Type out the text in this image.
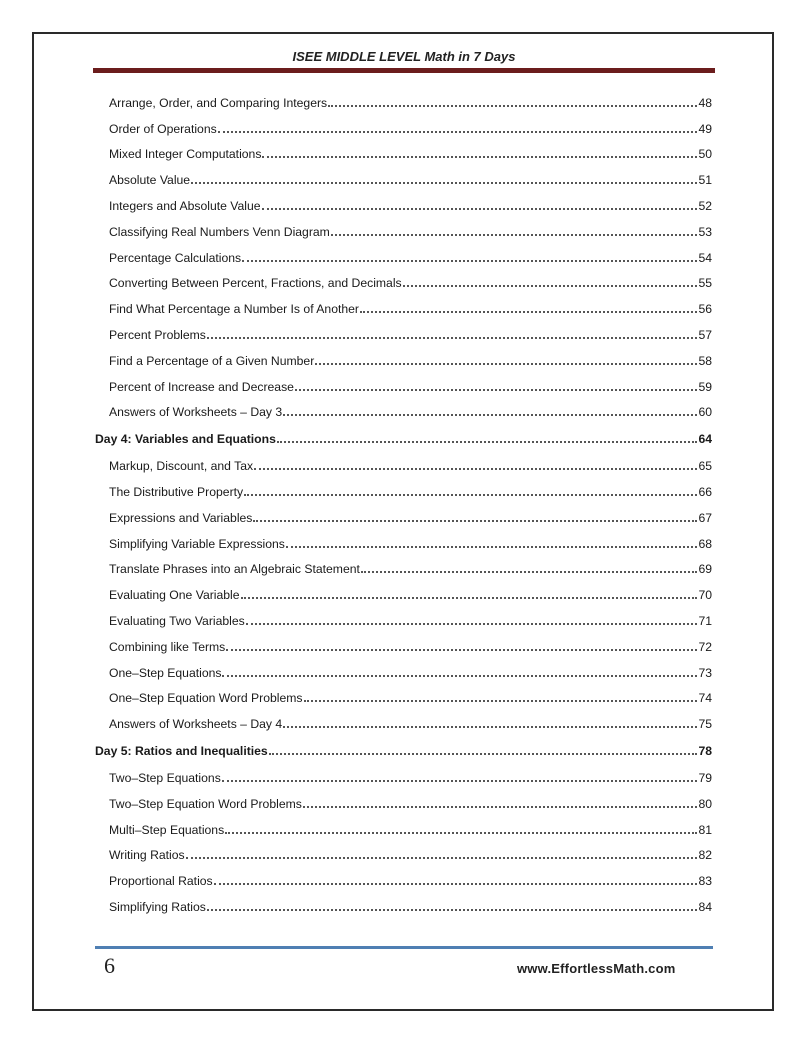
ISEE MIDDLE LEVEL Math in 7 Days
Arrange, Order, and Comparing Integers	48
Order of Operations	49
Mixed Integer Computations	50
Absolute Value	51
Integers and Absolute Value	52
Classifying Real Numbers Venn Diagram	53
Percentage Calculations	54
Converting Between Percent, Fractions, and Decimals	55
Find What Percentage a Number Is of Another	56
Percent Problems	57
Find a Percentage of a Given Number	58
Percent of Increase and Decrease	59
Answers of Worksheets – Day 3	60
Day 4: Variables and Equations	64
Markup, Discount, and Tax	65
The Distributive Property	66
Expressions and Variables	67
Simplifying Variable Expressions	68
Translate Phrases into an Algebraic Statement	69
Evaluating One Variable	70
Evaluating Two Variables	71
Combining like Terms	72
One–Step Equations	73
One–Step Equation Word Problems	74
Answers of Worksheets – Day 4	75
Day 5: Ratios and Inequalities	78
Two–Step Equations	79
Two–Step Equation Word Problems	80
Multi–Step Equations	81
Writing Ratios	82
Proportional Ratios	83
Simplifying Ratios	84
6	www.EffortlessMath.com
